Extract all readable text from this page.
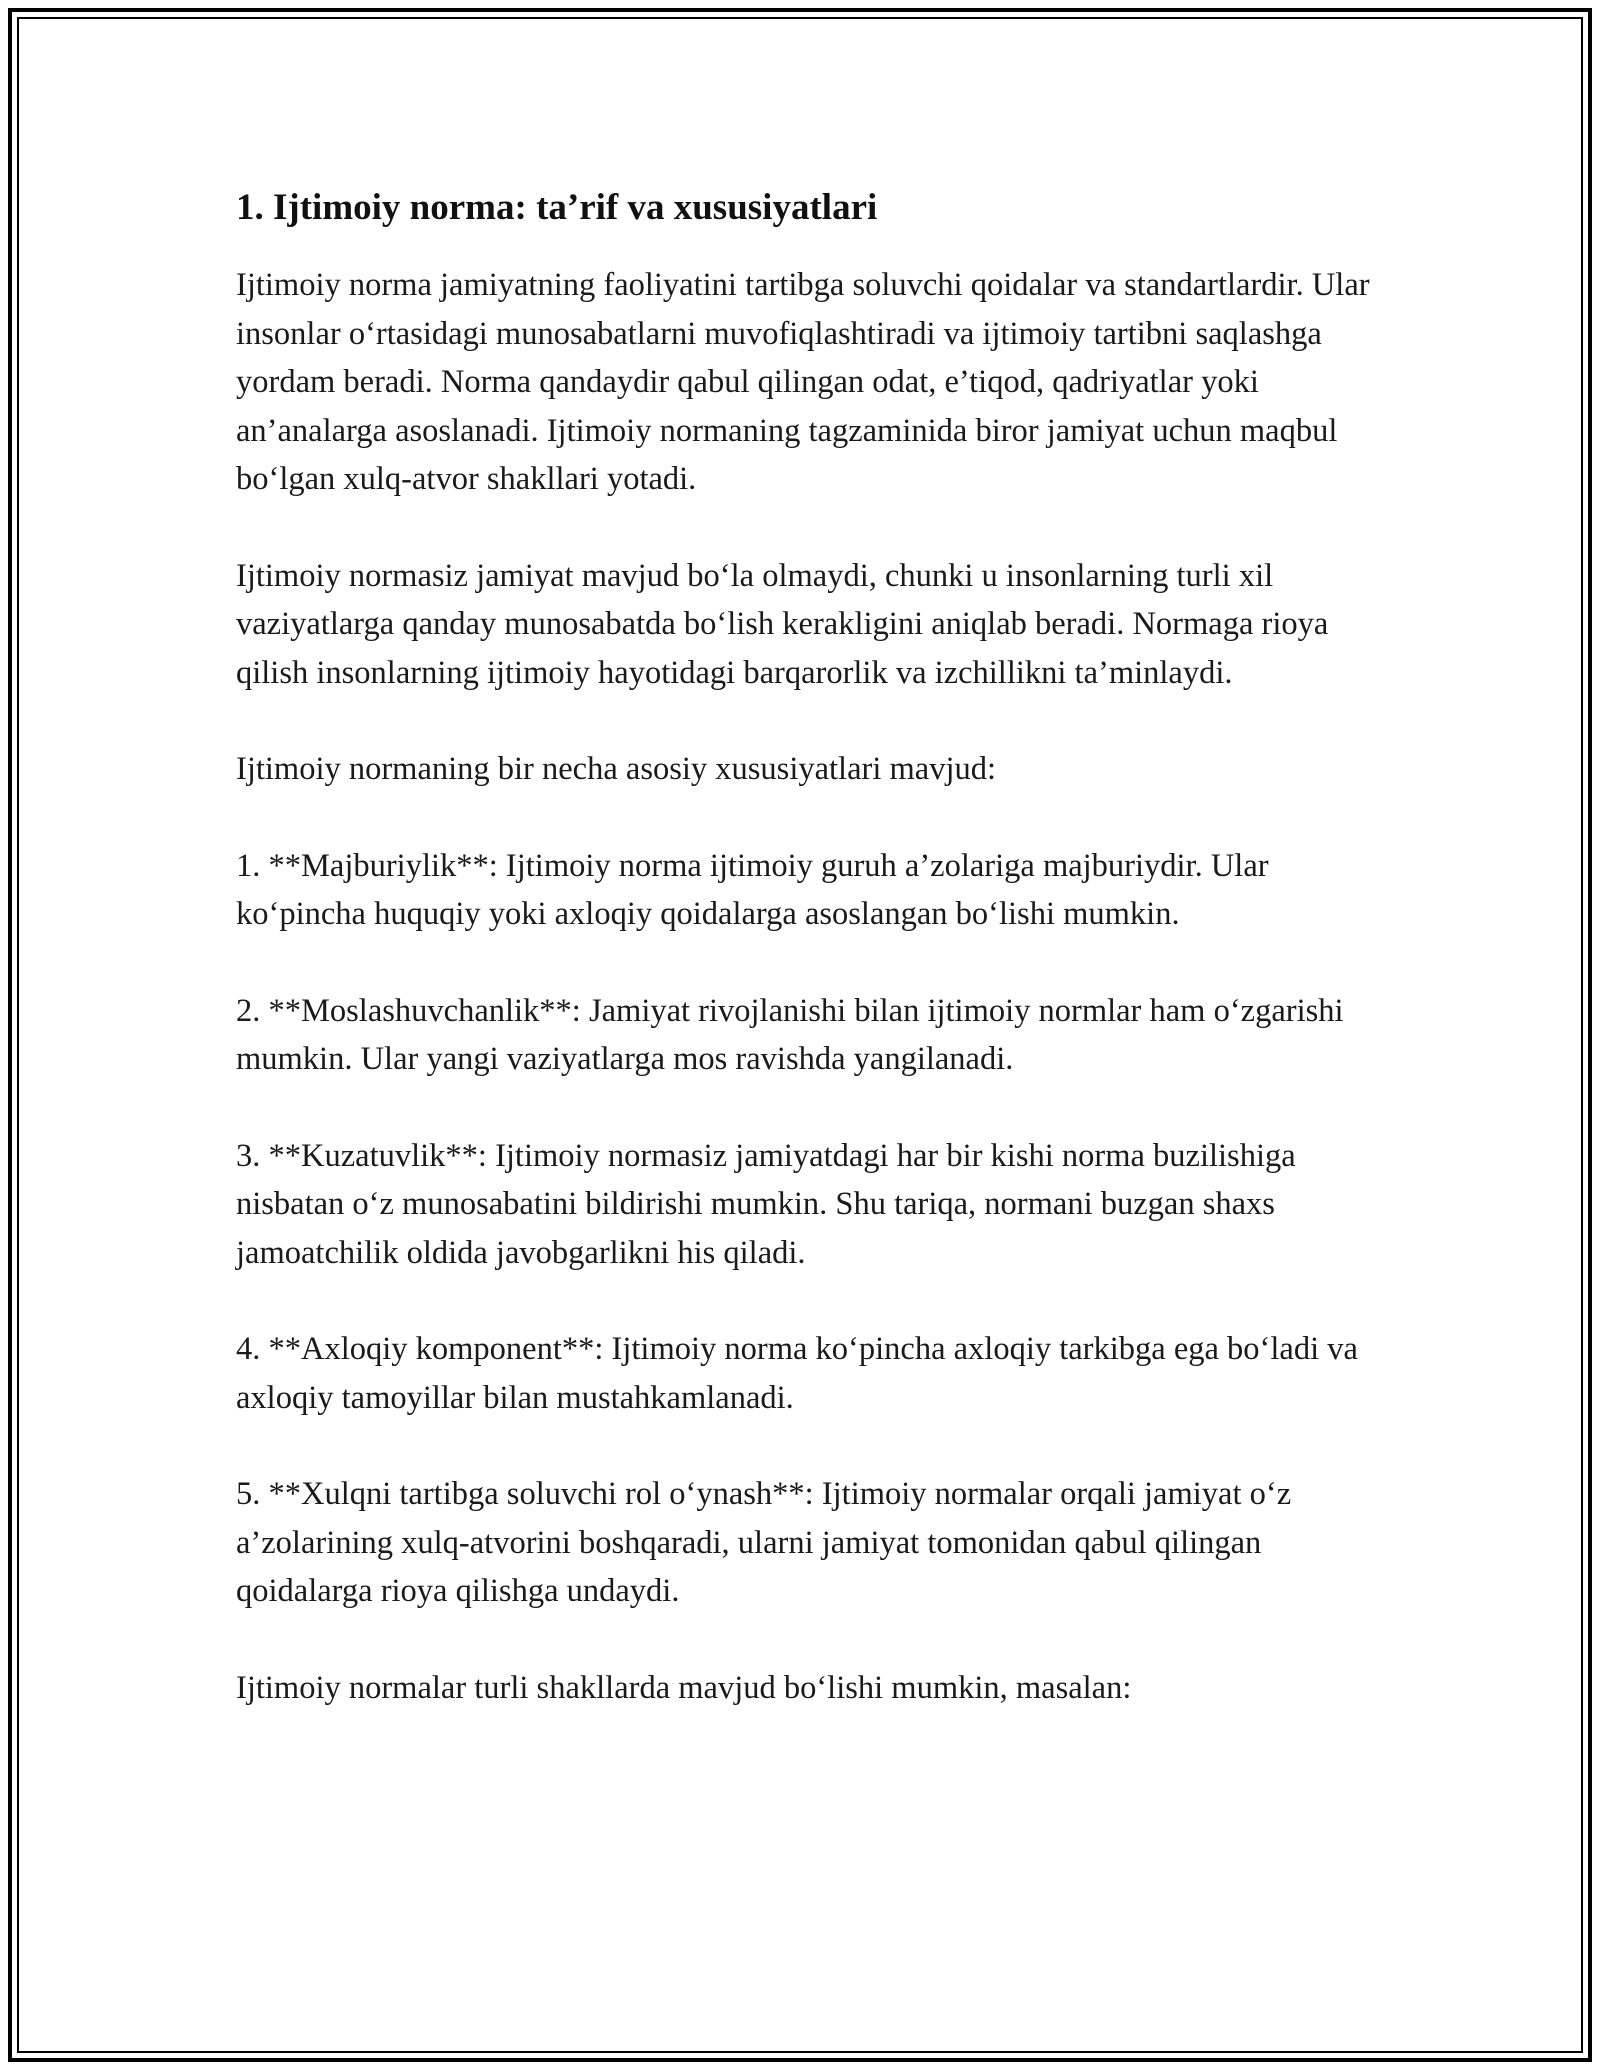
1. Ijtimoiy norma: ta’rif va xususiyatlari

Ijtimoiy norma jamiyatning faoliyatini tartibga soluvchi qoidalar va standartlardir. Ular insonlar o‘rtasidagi munosabatlarni muvofiqlashtiradi va ijtimoiy tartibni saqlashga yordam beradi. Norma qandaydir qabul qilingan odat, e’tiqod, qadriyatlar yoki an’analarga asoslanadi. Ijtimoiy normaning tagzaminida biror jamiyat uchun maqbul bo‘lgan xulq-atvor shakllari yotadi.

Ijtimoiy normasiz jamiyat mavjud bo‘la olmaydi, chunki u insonlarning turli xil vaziyatlarga qanday munosabatda bo‘lish kerakligini aniqlab beradi. Normaga rioya qilish insonlarning ijtimoiy hayotidagi barqarorlik va izchillikni ta’minlaydi.

Ijtimoiy normaning bir necha asosiy xususiyatlari mavjud:

1. **Majburiylik**: Ijtimoiy norma ijtimoiy guruh a’zolariga majburiydir. Ular ko‘pincha huquqiy yoki axloqiy qoidalarga asoslangan bo‘lishi mumkin.

2. **Moslashuvchanlik**: Jamiyat rivojlanishi bilan ijtimoiy normlar ham o‘zgarishi mumkin. Ular yangi vaziyatlarga mos ravishda yangilanadi.

3. **Kuzatuvlik**: Ijtimoiy normasiz jamiyatdagi har bir kishi norma buzilishiga nisbatan o‘z munosabatini bildirishi mumkin. Shu tariqa, normani buzgan shaxs jamoatchilik oldida javobgarlikni his qiladi.

4. **Axloqiy komponent**: Ijtimoiy norma ko‘pincha axloqiy tarkibga ega bo‘ladi va axloqiy tamoyillar bilan mustahkamlanadi.

5. **Xulqni tartibga soluvchi rol o‘ynash**: Ijtimoiy normalar orqali jamiyat o‘z a’zolarining xulq-atvorini boshqaradi, ularni jamiyat tomonidan qabul qilingan qoidalarga rioya qilishga undaydi.

Ijtimoiy normalar turli shakllarda mavjud bo‘lishi mumkin, masalan:
